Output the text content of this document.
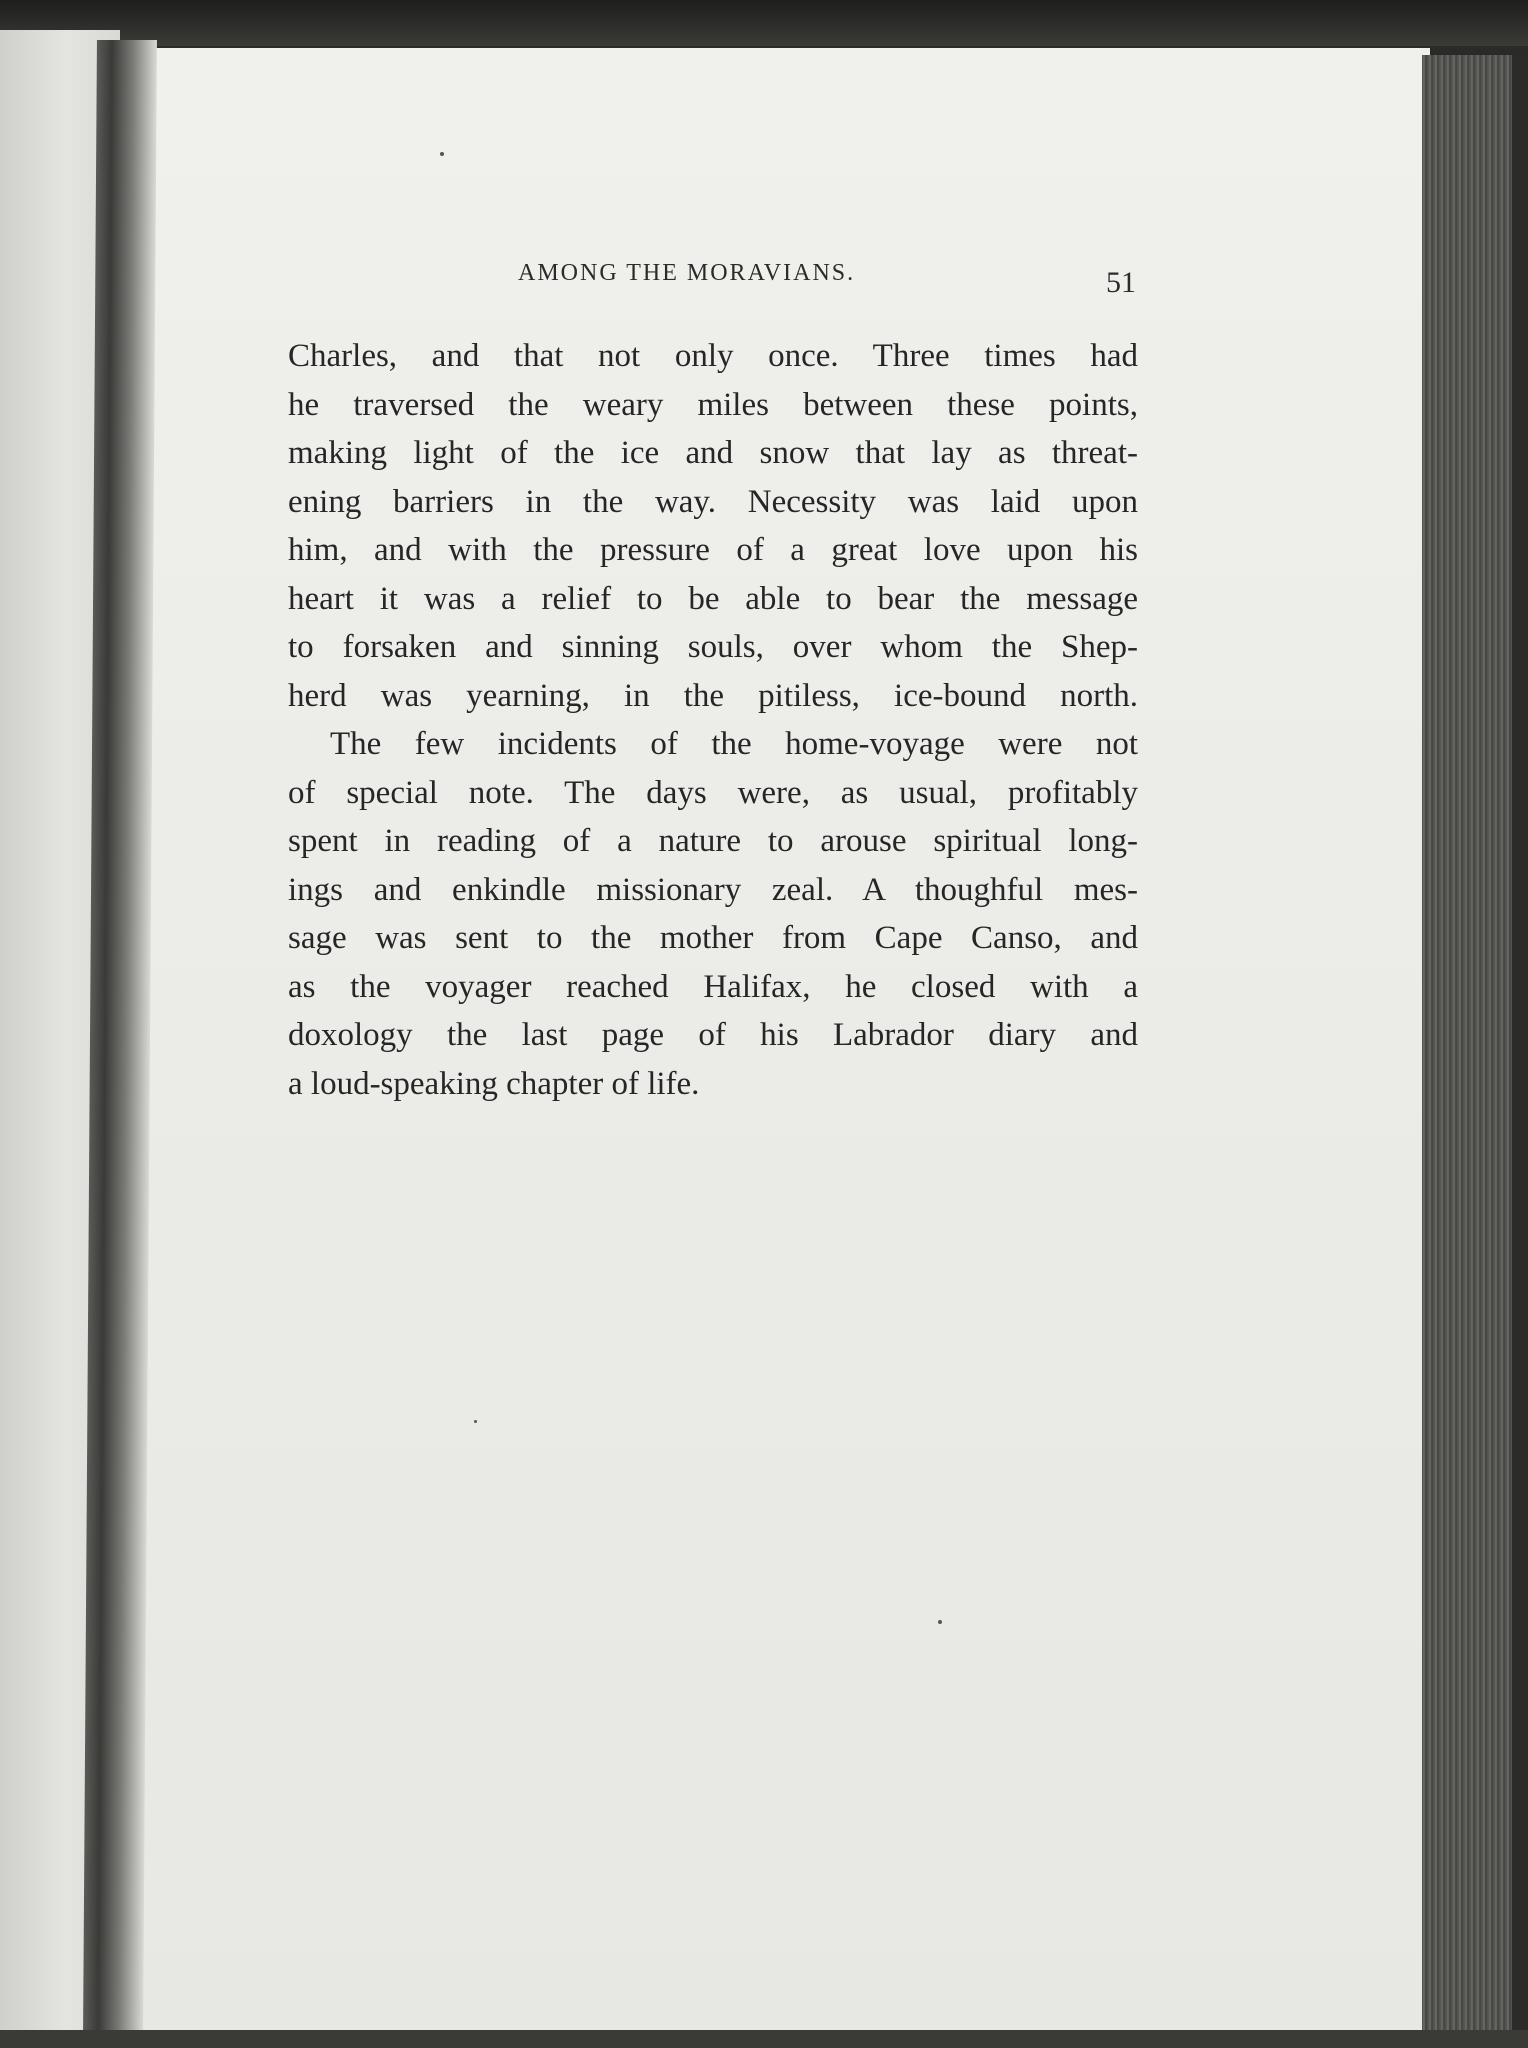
AMONG THE MORAVIANS.	51
Charles, and that not only once. Three times had
he traversed the weary miles between these points,
making light of the ice and snow that lay as threat-
ening barriers in the way. Necessity was laid upon
him, and with the pressure of a great love upon his
heart it was a relief to be able to bear the message
to forsaken and sinning souls, over whom the Shep-
herd was yearning, in the pitiless, ice-bound north.
The few incidents of the home-voyage were not
of special note. The days were, as usual, profitably
spent in reading of a nature to arouse spiritual long-
ings and enkindle missionary zeal. A thoughful mes-
sage was sent to the mother from Cape Canso, and
as the voyager reached Halifax, he closed with a
doxology the last page of his Labrador diary and
a loud-speaking chapter of life.
